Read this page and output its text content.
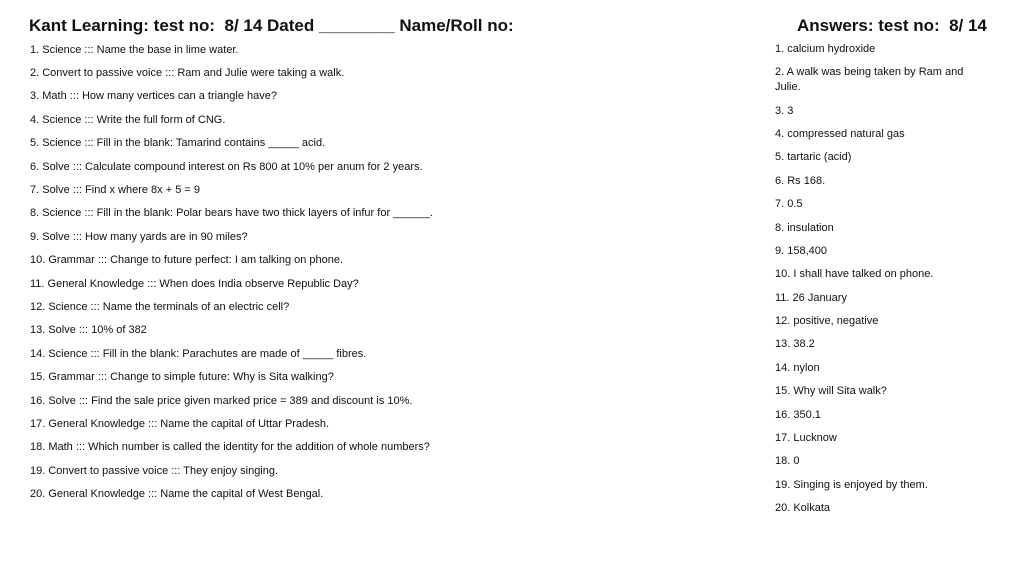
Kant Learning: test no:  8/ 14 Dated ________ Name/Roll no:	Answers: test no:  8/ 14
1. Science ::: Name the base in lime water.
2. Convert to passive voice ::: Ram and Julie were taking a walk.
3. Math ::: How many vertices can a triangle have?
4. Science ::: Write the full form of CNG.
5. Science ::: Fill in the blank: Tamarind contains _____ acid.
6. Solve ::: Calculate compound interest on Rs 800 at 10% per anum for 2 years.
7. Solve ::: Find x where 8x + 5 = 9
8. Science ::: Fill in the blank: Polar bears have two thick layers of infur for ______.
9. Solve ::: How many yards are in 90 miles?
10. Grammar ::: Change to future perfect: I am talking on phone.
11. General Knowledge ::: When does India observe Republic Day?
12. Science ::: Name the terminals of an electric cell?
13. Solve ::: 10% of 382
14. Science ::: Fill in the blank: Parachutes are made of _____ fibres.
15. Grammar ::: Change to simple future: Why is Sita walking?
16. Solve ::: Find the sale price given marked price = 389 and discount is 10%.
17. General Knowledge ::: Name the capital of Uttar Pradesh.
18. Math ::: Which number is called the identity for the addition of whole numbers?
19. Convert to passive voice ::: They enjoy singing.
20. General Knowledge ::: Name the capital of West Bengal.
1. calcium hydroxide
2. A walk was being taken by Ram and Julie.
3. 3
4. compressed natural gas
5. tartaric (acid)
6. Rs 168.
7. 0.5
8. insulation
9. 158,400
10. I shall have talked on phone.
11. 26 January
12. positive, negative
13. 38.2
14. nylon
15. Why will Sita walk?
16. 350.1
17. Lucknow
18. 0
19. Singing is enjoyed by them.
20. Kolkata
